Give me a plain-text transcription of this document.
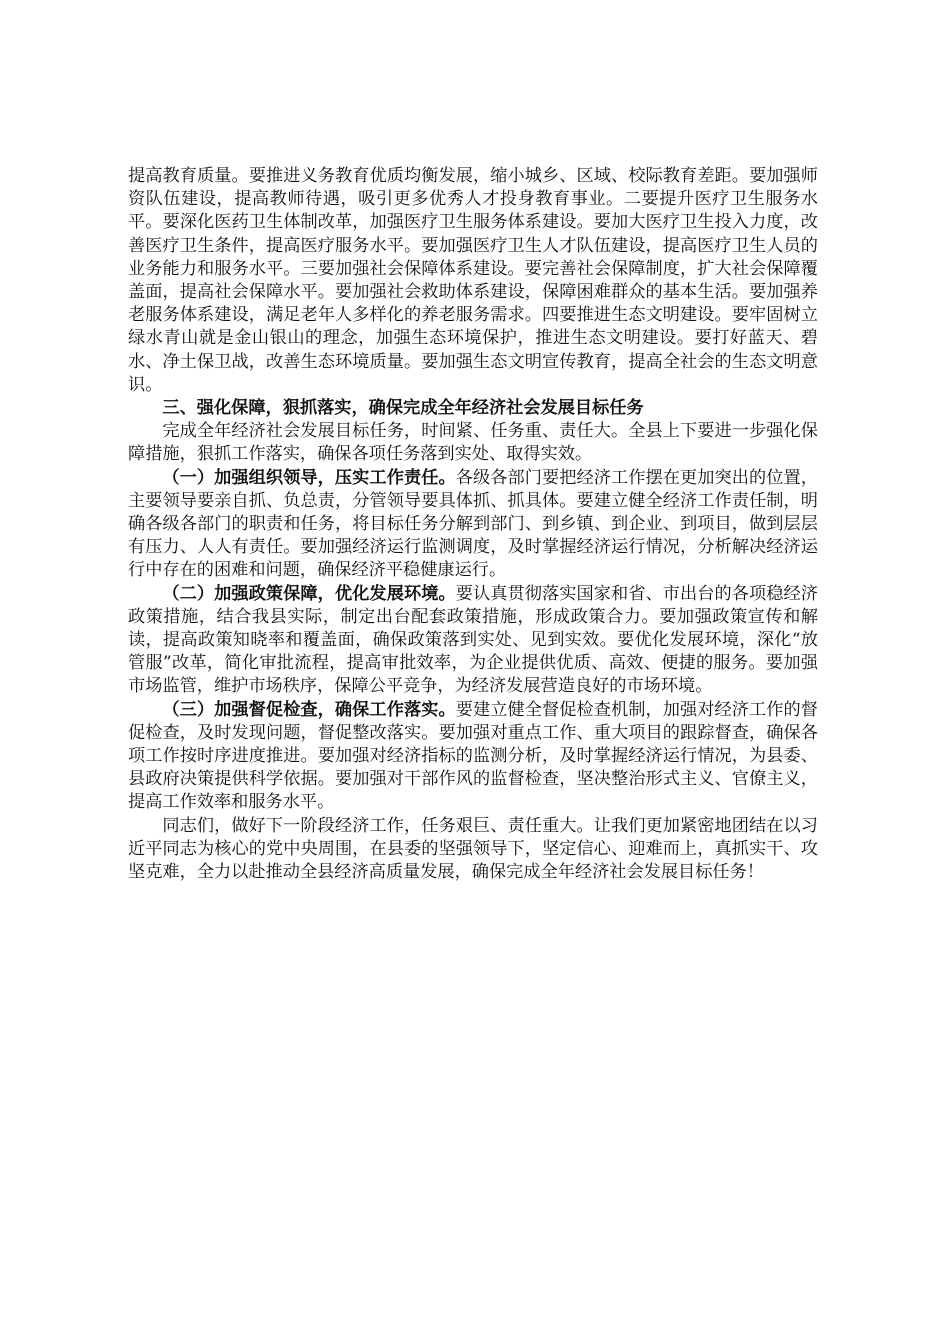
提高教育质量。要推进义务教育优质均衡发展，缩小城乡、区域、校际教育差距。要加强师资队伍建设，提高教师待遇，吸引更多优秀人才投身教育事业。二要提升医疗卫生服务水平。要深化医药卫生体制改革，加强医疗卫生服务体系建设。要加大医疗卫生投入力度，改善医疗卫生条件，提高医疗服务水平。要加强医疗卫生人才队伍建设，提高医疗卫生人员的业务能力和服务水平。三要加强社会保障体系建设。要完善社会保障制度，扩大社会保障覆盖面，提高社会保障水平。要加强社会救助体系建设，保障困难群众的基本生活。要加强养老服务体系建设，满足老年人多样化的养老服务需求。四要推进生态文明建设。要牢固树立绿水青山就是金山银山的理念，加强生态环境保护，推进生态文明建设。要打好蓝天、碧水、净土保卫战，改善生态环境质量。要加强生态文明宣传教育，提高全社会的生态文明意识。

三、强化保障，狠抓落实，确保完成全年经济社会发展目标任务

完成全年经济社会发展目标任务，时间紧、任务重、责任大。全县上下要进一步强化保障措施，狠抓工作落实，确保各项任务落到实处、取得实效。

（一）加强组织领导，压实工作责任。各级各部门要把经济工作摆在更加突出的位置，主要领导要亲自抓、负总责，分管领导要具体抓、抓具体。要建立健全经济工作责任制，明确各级各部门的职责和任务，将目标任务分解到部门、到乡镇、到企业、到项目，做到层层有压力、人人有责任。要加强经济运行监测调度，及时掌握经济运行情况，分析解决经济运行中存在的困难和问题，确保经济平稳健康运行。

（二）加强政策保障，优化发展环境。要认真贯彻落实国家和省、市出台的各项稳经济政策措施，结合我县实际，制定出台配套政策措施，形成政策合力。要加强政策宣传和解读，提高政策知晓率和覆盖面，确保政策落到实处、见到实效。要优化发展环境，深化“放管服”改革，简化审批流程，提高审批效率，为企业提供优质、高效、便捷的服务。要加强市场监管，维护市场秩序，保障公平竞争，为经济发展营造良好的市场环境。

（三）加强督促检查，确保工作落实。要建立健全督促检查机制，加强对经济工作的督促检查，及时发现问题，督促整改落实。要加强对重点工作、重大项目的跟踪督查，确保各项工作按时序进度推进。要加强对经济指标的监测分析，及时掌握经济运行情况，为县委、县政府决策提供科学依据。要加强对干部作风的监督检查，坚决整治形式主义、官僚主义，提高工作效率和服务水平。

同志们，做好下一阶段经济工作，任务艰巨、责任重大。让我们更加紧密地团结在以习近平同志为核心的党中央周围，在县委的坚强领导下，坚定信心、迎难而上，真抓实干、攻坚克难，全力以赴推动全县经济高质量发展，确保完成全年经济社会发展目标任务！
